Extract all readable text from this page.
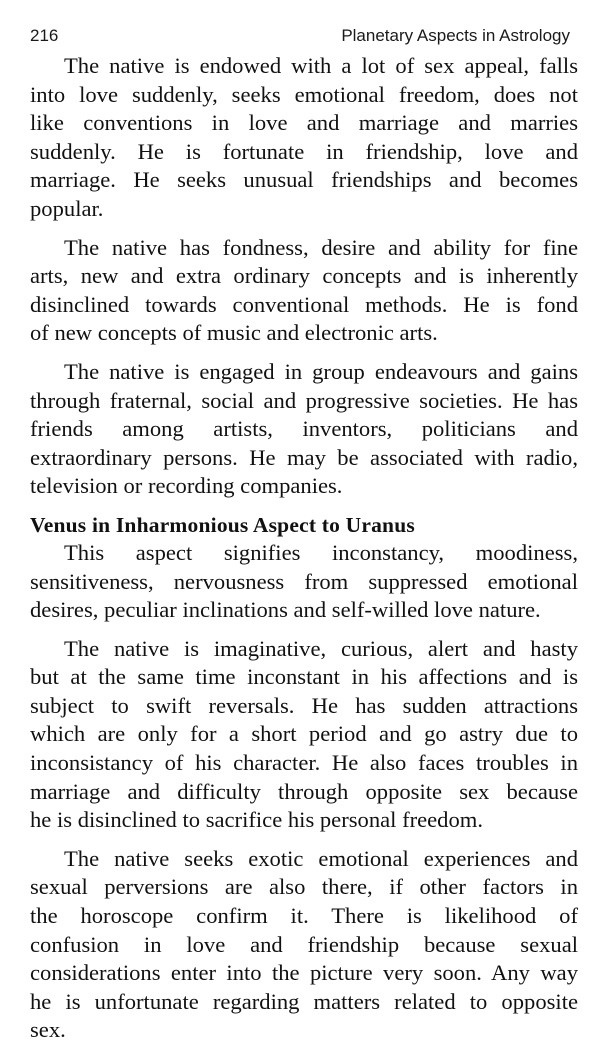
216	Planetary Aspects in Astrology
The native is endowed with a lot of sex appeal, falls
into love suddenly, seeks emotional freedom, does not
like conventions in love and marriage and marries
suddenly. He is fortunate in friendship, love and
marriage. He seeks unusual friendships and becomes
popular.
The native has fondness, desire and ability for fine
arts, new and extra ordinary concepts and is inherently
disinclined towards conventional methods. He is fond
of new concepts of music and electronic arts.
The native is engaged in group endeavours and gains
through fraternal, social and progressive societies. He has
friends among artists, inventors, politicians and
extraordinary persons. He may be associated with radio,
television or recording companies.
Venus in Inharmonious Aspect to Uranus
This aspect signifies inconstancy, moodiness,
sensitiveness, nervousness from suppressed emotional
desires, peculiar inclinations and self-willed love nature.
The native is imaginative, curious, alert and hasty
but at the same time inconstant in his affections and is
subject to swift reversals. He has sudden attractions
which are only for a short period and go astry due to
inconsistancy of his character. He also faces troubles in
marriage and difficulty through opposite sex because
he is disinclined to sacrifice his personal freedom.
The native seeks exotic emotional experiences and
sexual perversions are also there, if other factors in
the horoscope confirm it. There is likelihood of
confusion in love and friendship because sexual
considerations enter into the picture very soon. Any way
he is unfortunate regarding matters related to opposite
sex.
